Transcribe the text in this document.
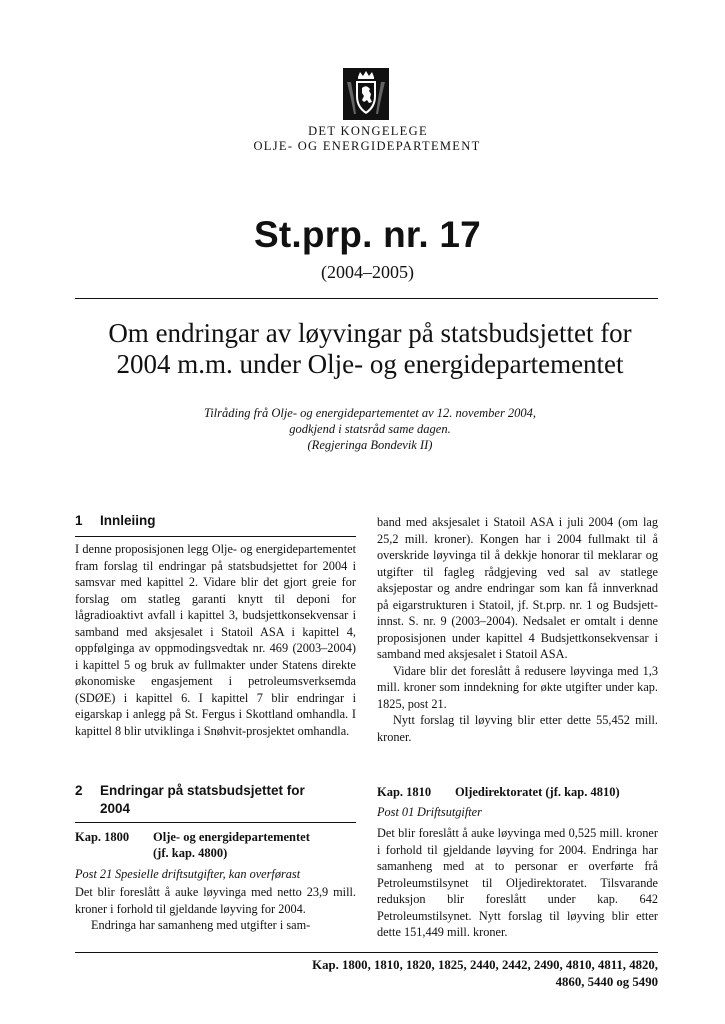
DET KONGELEGE
OLJE- OG ENERGIDEPARTEMENT
St.prp. nr. 17
(2004–2005)
Om endringar av løyvingar på statsbudsjettet for
2004 m.m. under Olje- og energidepartementet
Tilråding frå Olje- og energidepartementet av 12. november 2004,
godkjend i statsråd same dagen.
(Regjeringa Bondevik II)
1 Innleiing

I denne proposisjonen legg Olje- og energidepartementet fram forslag til endringar på statsbudsjettet for 2004 i samsvar med kapittel 2. Vidare blir det gjort greie for forslag om statleg garanti knytt til deponi for lågradioaktivt avfall i kapittel 3, budsjettkonsekvensar i samband med aksjesalet i Statoil ASA i kapittel 4, oppfølginga av oppmodingsvedtak nr. 469 (2003–2004) i kapittel 5 og bruk av fullmakter under Statens direkte økonomiske engasjement i petroleumsverksemda (SDØE) i kapittel 6. I kapittel 7 blir endringar i eigarskap i anlegg på St. Fergus i Skottland omhandla. I kapittel 8 blir utviklinga i Snøhvit-prosjektet omhandla.

band med aksjesalet i Statoil ASA i juli 2004 (om lag 25,2 mill. kroner). Kongen har i 2004 fullmakt til å overskride løyvinga til å dekkje honorar til meklarar og utgifter til fagleg rådgjeving ved sal av statlege aksjepostar og andre endringar som kan få innverknad på eigarstrukturen i Statoil, jf. St.prp. nr. 1 og Budsjett-innst. S. nr. 9 (2003–2004). Nedsalet er omtalt i denne proposisjonen under kapittel 4 Budsjettkonsekvensar i samband med aksjesalet i Statoil ASA.

Vidare blir det foreslått å redusere løyvinga med 1,3 mill. kroner som inndekning for økte utgifter under kap. 1825, post 21.

Nytt forslag til løyving blir etter dette 55,452 mill. kroner.

2 Endringar på statsbudsjettet for
2004
Kap. 1800 Olje- og energidepartementet
(jf. kap. 4800)
Post 21 Spesielle driftsutgifter, kan overførast

Det blir foreslått å auke løyvinga med netto 23,9 mill. kroner i forhold til gjeldande løyving for 2004.

Endringa har samanheng med utgifter i sam-

Kap. 1810 Oljedirektoratet (jf. kap. 4810)
Post 01 Driftsutgifter

Det blir foreslått å auke løyvinga med 0,525 mill. kroner i forhold til gjeldande løyving for 2004. Endringa har samanheng med at to personar er overførte frå Petroleumstilsynet til Oljedirektoratet. Tilsvarande reduksjon blir foreslått under kap. 642 Petroleumstilsynet. Nytt forslag til løyving blir etter dette 151,449 mill. kroner.

Kap. 1800, 1810, 1820, 1825, 2440, 2442, 2490, 4810, 4811, 4820,
4860, 5440 og 5490
